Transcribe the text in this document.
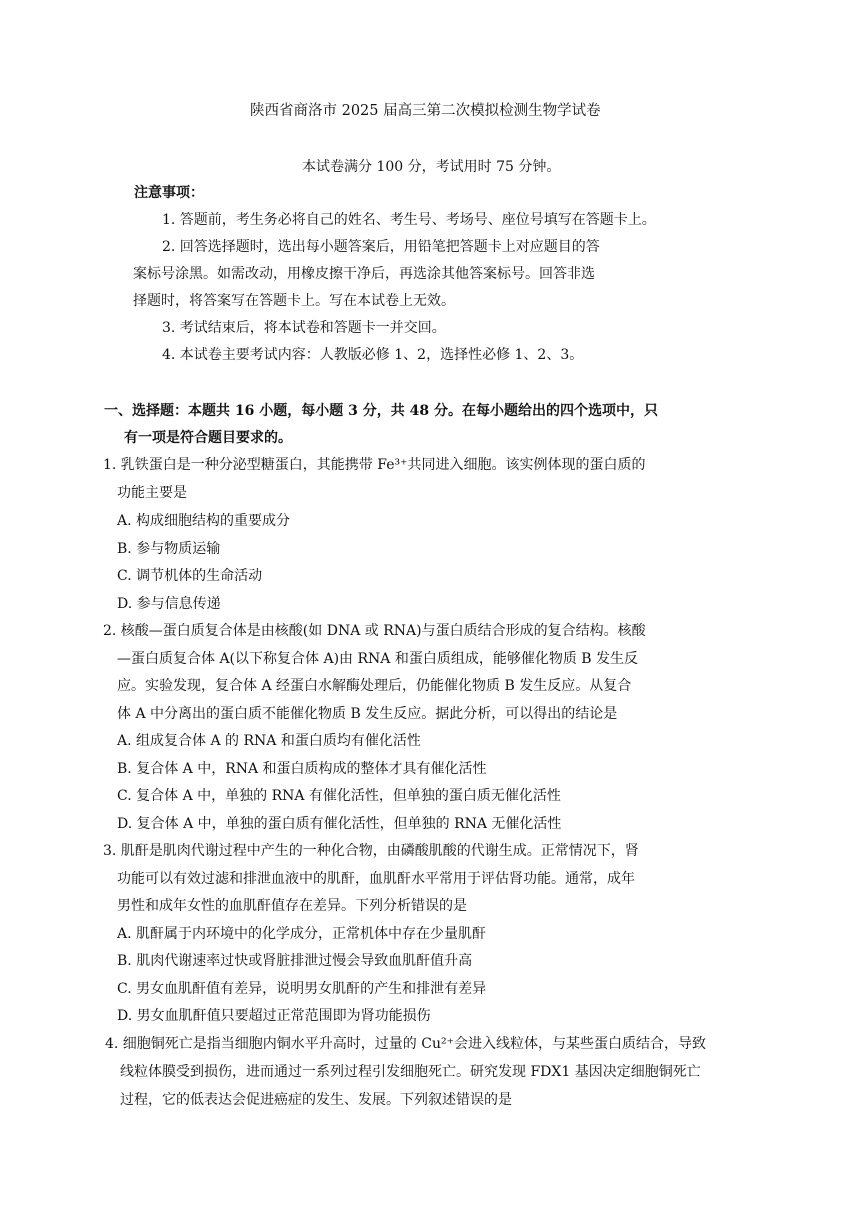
陕西省商洛市 2025 届高三第二次模拟检测生物学试卷
本试卷满分 100 分，考试用时 75 分钟。
注意事项：
1. 答题前，考生务必将自己的姓名、考生号、考场号、座位号填写在答题卡上。
2. 回答选择题时，选出每小题答案后，用铅笔把答题卡上对应题目的答
案标号涂黑。如需改动，用橡皮擦干净后，再选涂其他答案标号。回答非选
择题时，将答案写在答题卡上。写在本试卷上无效。
3. 考试结束后，将本试卷和答题卡一并交回。
4. 本试卷主要考试内容：人教版必修 1、2，选择性必修 1、2、3。
一、选择题：本题共 16 小题，每小题 3 分，共 48 分。在每小题给出的四个选项中，只
有一项是符合题目要求的。
1. 乳铁蛋白是一种分泌型糖蛋白，其能携带 Fe³⁺共同进入细胞。该实例体现的蛋白质的
功能主要是
A. 构成细胞结构的重要成分
B. 参与物质运输
C. 调节机体的生命活动
D. 参与信息传递
2. 核酸—蛋白质复合体是由核酸(如 DNA 或 RNA)与蛋白质结合形成的复合结构。核酸
—蛋白质复合体 A(以下称复合体 A)由 RNA 和蛋白质组成，能够催化物质 B 发生反
应。实验发现，复合体 A 经蛋白水解酶处理后，仍能催化物质 B 发生反应。从复合
体 A 中分离出的蛋白质不能催化物质 B 发生反应。据此分析，可以得出的结论是
A. 组成复合体 A 的 RNA 和蛋白质均有催化活性
B. 复合体 A 中，RNA 和蛋白质构成的整体才具有催化活性
C. 复合体 A 中，单独的 RNA 有催化活性，但单独的蛋白质无催化活性
D. 复合体 A 中，单独的蛋白质有催化活性，但单独的 RNA 无催化活性
3. 肌酐是肌肉代谢过程中产生的一种化合物，由磷酸肌酸的代谢生成。正常情况下，肾
功能可以有效过滤和排泄血液中的肌酐，血肌酐水平常用于评估肾功能。通常，成年
男性和成年女性的血肌酐值存在差异。下列分析错误的是
A. 肌酐属于内环境中的化学成分，正常机体中存在少量肌酐
B. 肌肉代谢速率过快或肾脏排泄过慢会导致血肌酐值升高
C. 男女血肌酐值有差异，说明男女肌酐的产生和排泄有差异
D. 男女血肌酐值只要超过正常范围即为肾功能损伤
4. 细胞铜死亡是指当细胞内铜水平升高时，过量的 Cu²⁺会进入线粒体，与某些蛋白质结合，导致
线粒体膜受到损伤，进而通过一系列过程引发细胞死亡。研究发现 FDX1 基因决定细胞铜死亡
过程，它的低表达会促进癌症的发生、发展。下列叙述错误的是
